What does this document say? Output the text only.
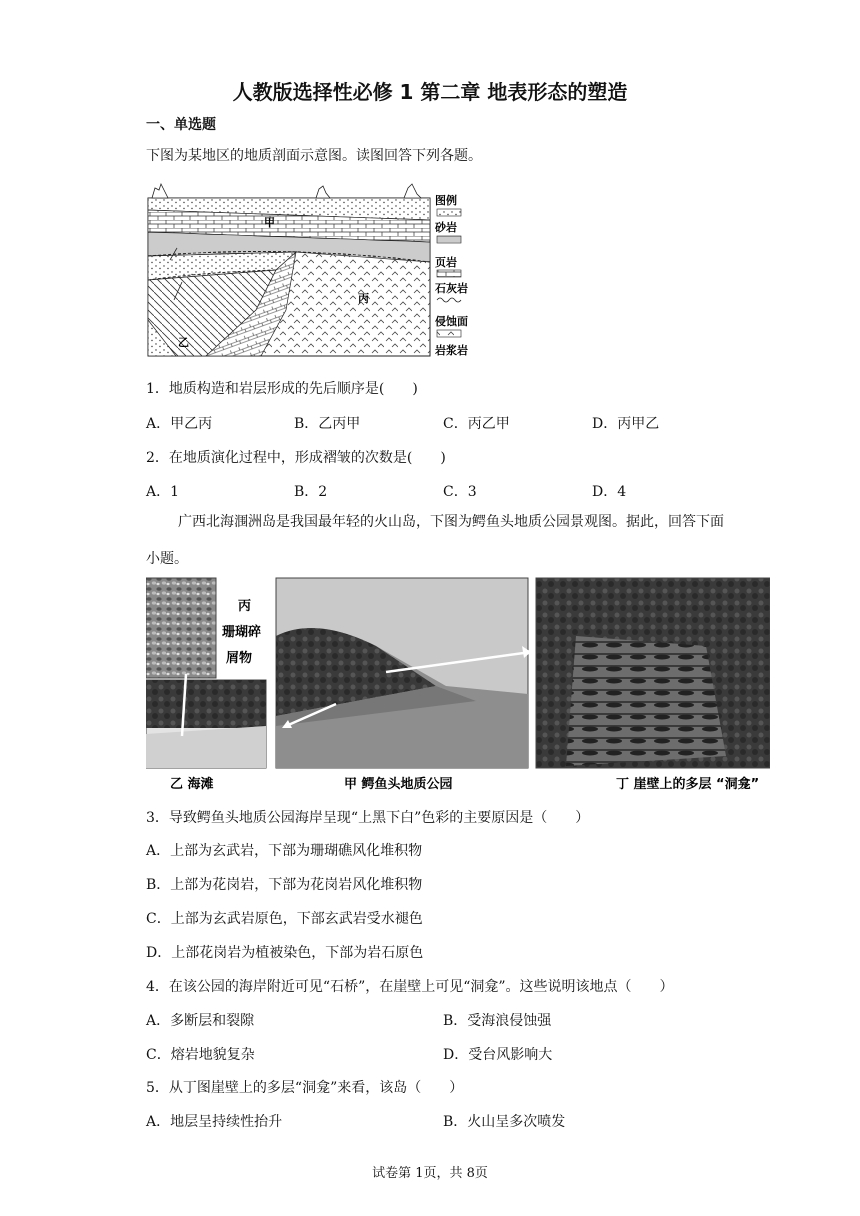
人教版选择性必修 1 第二章 地表形态的塑造
一、单选题
下图为某地区的地质剖面示意图。读图回答下列各题。
甲
乙
丙
图例
砂岩
页岩
石灰岩
侵蚀面
岩浆岩
1．地质构造和岩层形成的先后顺序是(　　)
A．甲乙丙	B．乙丙甲	C．丙乙甲	D．丙甲乙
2．在地质演化过程中，形成褶皱的次数是(　　)
A．1	B．2	C．3	D．4
广西北海涠洲岛是我国最年轻的火山岛，下图为鳄鱼头地质公园景观图。据此，回答下面小题。
丙
珊瑚碎
屑物
乙 海滩	甲 鳄鱼头地质公园	丁 崖壁上的多层 “洞龛”
3．导致鳄鱼头地质公园海岸呈现“上黑下白”色彩的主要原因是（　　）
A．上部为玄武岩，下部为珊瑚礁风化堆积物
B．上部为花岗岩，下部为花岗岩风化堆积物
C．上部为玄武岩原色，下部玄武岩受水褪色
D．上部花岗岩为植被染色，下部为岩石原色
4．在该公园的海岸附近可见“石桥”，在崖壁上可见“洞龛”。这些说明该地点（　　）
A．多断层和裂隙	B．受海浪侵蚀强
C．熔岩地貌复杂	D．受台风影响大
5．从丁图崖壁上的多层“洞龛”来看，该岛（　　）
A．地层呈持续性抬升	B．火山呈多次喷发
试卷第 1页，共 8页
